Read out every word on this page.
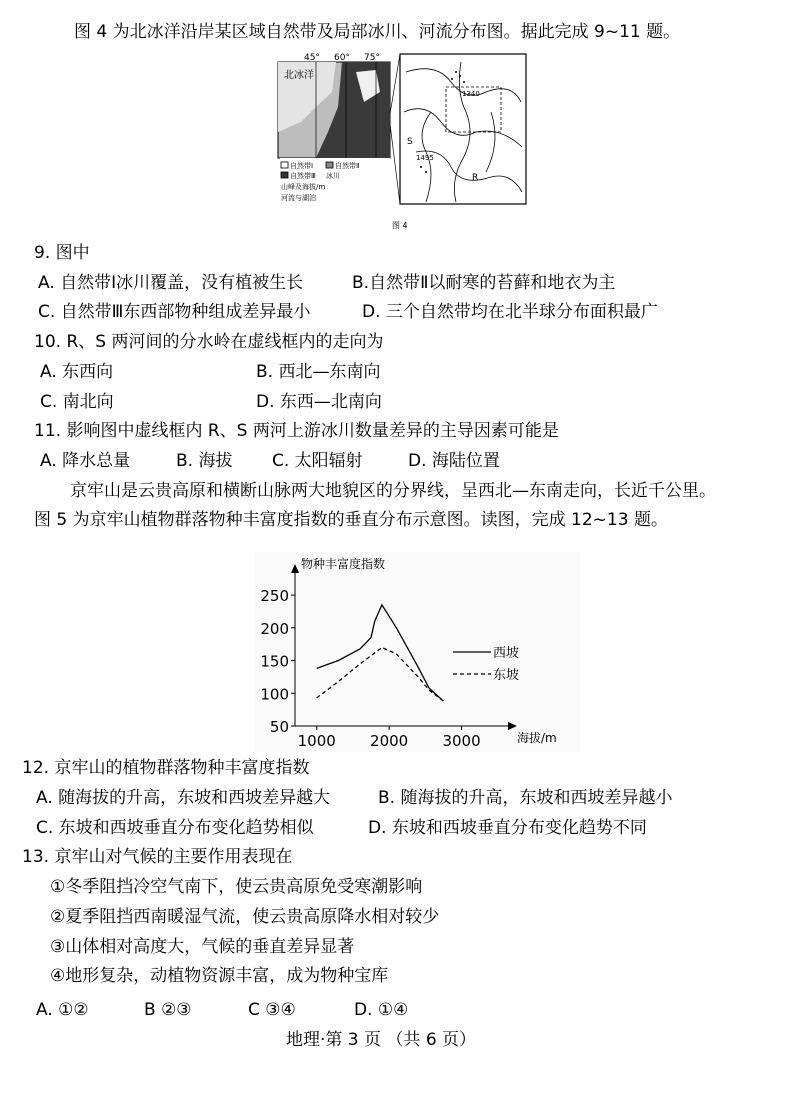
图 4 为北冰洋沿岸某区域自然带及局部冰川、河流分布图。据此完成 9~11 题。
45° 60° 75°
北冰洋
自然带Ⅰ	自然带Ⅱ
自然带Ⅲ 冰川
山峰及海拔/m
河流与湖泊
1340
1495
S
R
图 4
9. 图中
A. 自然带Ⅰ冰川覆盖，没有植被生长	B.自然带Ⅱ以耐寒的苔藓和地衣为主
C. 自然带Ⅲ东西部物种组成差异最小	D. 三个自然带均在北半球分布面积最广
10. R、S 两河间的分水岭在虚线框内的走向为
A. 东西向	B. 西北—东南向
C. 南北向	D. 东西—北南向
11. 影响图中虚线框内 R、S 两河上游冰川数量差异的主导因素可能是
A. 降水总量	B. 海拔 C. 太阳辐射	D. 海陆位置
京牢山是云贵高原和横断山脉两大地貌区的分界线，呈西北—东南走向，长近千公里。
图 5 为京牢山植物群落物种丰富度指数的垂直分布示意图。读图，完成 12~13 题。
物种丰富度指数
海拔/m
50
100
150
200
250
1000 2000 3000
西坡
东坡
12. 京牢山的植物群落物种丰富度指数
A. 随海拔的升高，东坡和西坡差异越大	B. 随海拔的升高，东坡和西坡差异越小
C. 东坡和西坡垂直分布变化趋势相似	D. 东坡和西坡垂直分布变化趋势不同
13. 京牢山对气候的主要作用表现在
①冬季阻挡冷空气南下，使云贵高原免受寒潮影响
②夏季阻挡西南暖湿气流，使云贵高原降水相对较少
③山体相对高度大，气候的垂直差异显著
④地形复杂，动植物资源丰富，成为物种宝库
A. ①②	B ②③	C ③④	D. ①④
地理·第 3 页 （共 6 页）
